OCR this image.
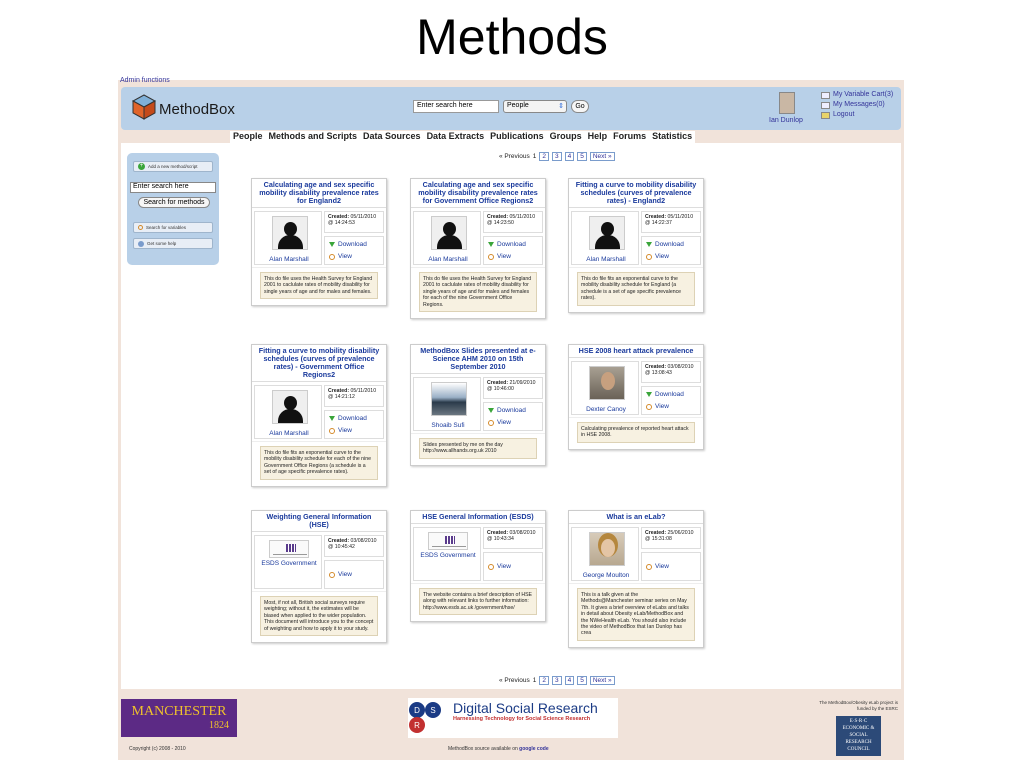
Methods
Admin functions
MethodBox	Enter search here	People	⇕	Go
Ian Dunlop
My Variable Cart(3)
My Messages(0)
Logout
People Methods and Scripts Data Sources Data Extracts Publications Groups Help Forums Statistics
+	Add a new method/script
Enter search here
Search for methods
Search for variables
Get some help
« Previous 1 2	3	4	5	Next »
Calculating age and sex specific mobility disability prevalence rates for England2
Alan Marshall
Created: 05/11/2010 @ 14:24:53
Download
View
This do file uses the Health Survey for England 2001 to caclulate rates of mobility disability for single years of age and for males and females.
Calculating age and sex specific mobility disability prevalence rates for Government Office Regions2
Alan Marshall
Created: 05/11/2010 @ 14:23:50
Download
View
This do file uses the Health Survey for England 2001 to caclulate rates of mobility disability for single years of age and for males and females for each of the nine Government Office Regions.
Fitting a curve to mobility disability schedules (curves of prevalence rates) - England2
Alan Marshall
Created: 05/11/2010 @ 14:22:37
Download
View
This do file fits an exponential curve to the mobility disability schedule for England (a schedule is a set of age specific prevalence rates).
Fitting a curve to mobility disability schedules (curves of prevalence rates) - Government Office Regions2
Alan Marshall
Created: 05/11/2010 @ 14:21:12
Download
View
This do file fits an exponential curve to the mobility disability schedule for each of the nine Government Office Regions (a schedule is a set of age specific prevalence rates).
MethodBox Slides presented at e-Science AHM 2010 on 15th September 2010
Shoaib Sufi
Created: 21/09/2010 @ 10:46:00
Download
View
Slides presented by me on the day http://www.allhands.org.uk 2010
HSE 2008 heart attack prevalence
Dexter Canoy
Created: 03/08/2010 @ 13:08:43
Download
View
Calculating prevalence of reported heart attack in HSE 2008.
Weighting General Information (HSE)
ESDS Government
Created: 03/08/2010 @ 10:45:42
View
Most, if not all, British social surveys require weighting; without it, the estimates will be biased when applied to the wider population. This document will introduce you to the concept of weighting and how to apply it to your study.
HSE General Information (ESDS)
ESDS Government
Created: 03/08/2010 @ 10:43:34
View
The website contains a brief description of HSE along with relevant links to further information: http://www.esds.ac.uk /government/hse/
What is an eLab?
George Moulton
Created: 25/06/2010 @ 15:31:08
View
This is a talk given at the Methods@Manchester seminar series on May 7th. It gives a brief overview of eLabs and talks in detail about Obesity eLab/MethodBox and the NWeHealth eLab. You should also include the video of MethodBox that Ian Dunlop has crea
« Previous 1 2	3	4	5	Next »
MANCHESTER
1824
Copyright (c) 2008 - 2010
D S
R
Digital Social Research
Harnessing Technology for Social Science Research
MethodBox source available on google code
The MethodBox/Obesity eLab project is funded by the ESRC
E·S·R·C ECONOMIC & SOCIAL RESEARCH COUNCIL
